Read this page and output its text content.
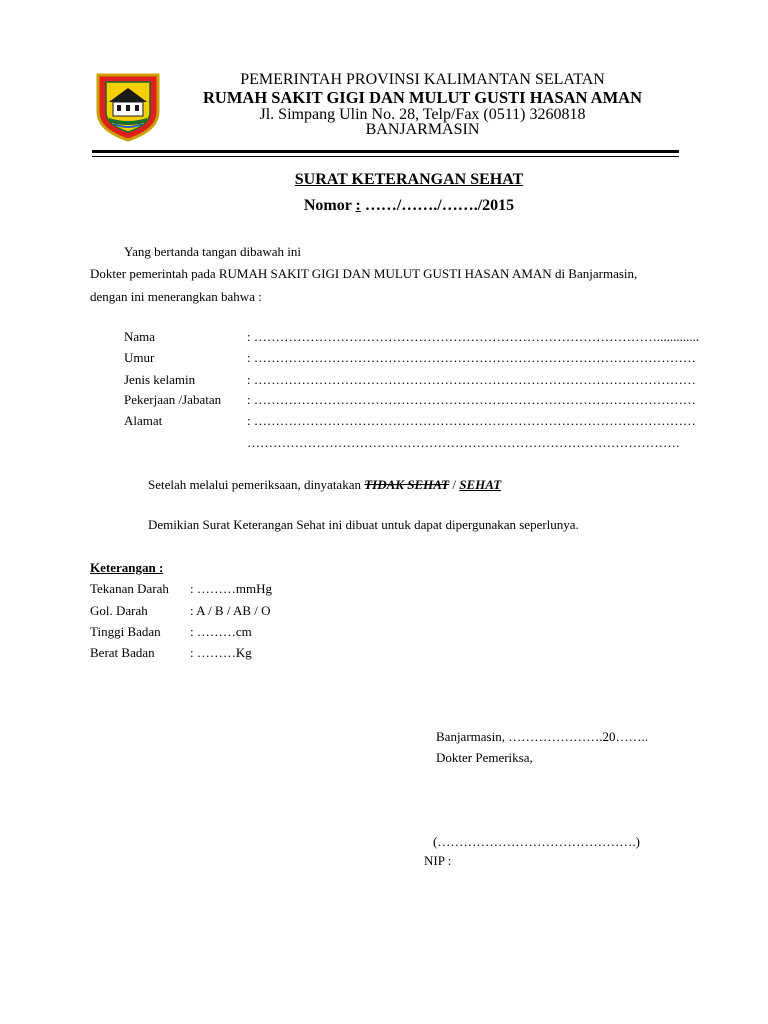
PEMERINTAH PROVINSI KALIMANTAN SELATAN
RUMAH SAKIT GIGI DAN MULUT GUSTI HASAN AMAN
Jl. Simpang Ulin No. 28, Telp/Fax (0511) 3260818
BANJARMASIN
SURAT KETERANGAN SEHAT
Nomor : ……/……./……./2015
Yang bertanda tangan dibawah ini
Dokter pemerintah pada RUMAH SAKIT GIGI DAN MULUT GUSTI HASAN AMAN di Banjarmasin,
dengan ini menerangkan bahwa :
Nama	: ………………………………………………………………………………….............
Umur	: …………………………………………………………………………………………
Jenis kelamin	: …………………………………………………………………………………………
Pekerjaan /Jabatan : …………………………………………………………………………………………
Alamat	: …………………………………………………………………………………………
……………………………………………………………………………………….
Setelah melalui pemeriksaan, dinyatakan TIDAK SEHAT / SEHAT
Demikian Surat Keterangan Sehat ini dibuat untuk dapat dipergunakan seperlunya.
Keterangan :
Tekanan Darah : ………mmHg
Gol. Darah	: A / B / AB / O
Tinggi Badan : ………cm
Berat Badan	: ………Kg
Banjarmasin, ………………….20……..
Dokter Pemeriksa,
(……………………………………….)
NIP :
